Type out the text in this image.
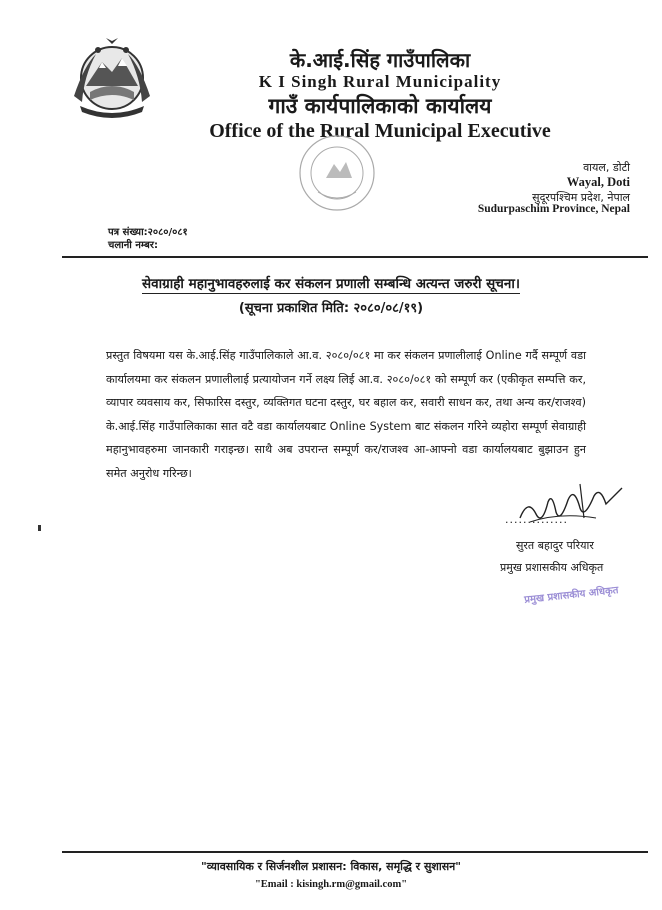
के.आई.सिंह गाउँपालिका
K I Singh Rural Municipality
गाउँ कार्यपालिकाको कार्यालय
Office of the Rural Municipal Executive
वायल, डोटी
Wayal, Doti
सुदूरपश्चिम प्रदेश, नेपाल
Sudurpaschim Province, Nepal
पत्र संख्या:२०८०/०८१
चलानी नम्बर:
सेवाग्राही महानुभावहरुलाई कर संकलन प्रणाली सम्बन्धि अत्यन्त जरुरी सूचना।
(सूचना प्रकाशित मिति: २०८०/०८/१९)
प्रस्तुत विषयमा यस के.आई.सिंह गाउँपालिकाले आ.व. २०८०/०८१ मा कर संकलन प्रणालीलाई Online गर्दै सम्पूर्ण वडा कार्यालयमा कर संकलन प्रणालीलाई प्रत्यायोजन गर्ने लक्ष्य लिई आ.व. २०८०/०८१ को सम्पूर्ण कर (एकीकृत सम्पत्ति कर, व्यापार व्यवसाय कर, सिफारिस दस्तुर, व्यक्तिगत घटना दस्तुर, घर बहाल कर, सवारी साधन कर, तथा अन्य कर/राजश्व) के.आई.सिंह गाउँपालिकाका सात वटै वडा कार्यालयबाट Online System बाट संकलन गरिने व्यहोरा सम्पूर्ण सेवाग्राही महानुभावहरुमा जानकारी गराइन्छ। साथै अब उपरान्त सम्पूर्ण कर/राजश्व आ-आफ्नो वडा कार्यालयबाट बुझाउन हुन समेत अनुरोध गरिन्छ।
..............
सुरत बहादुर परियार
प्रमुख प्रशासकीय अधिकृत
प्रमुख प्रशासकीय अधिकृत
"व्यावसायिक र सिर्जनशील प्रशासन: विकास, समृद्धि र सुशासन"
"Email : kisingh.rm@gmail.com"
